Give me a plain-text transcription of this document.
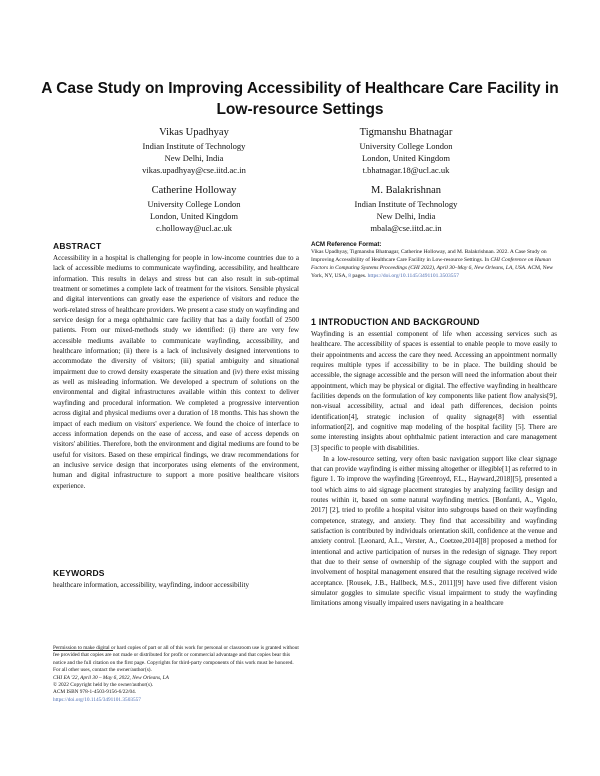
A Case Study on Improving Accessibility of Healthcare Care Facility in Low-resource Settings
Vikas Upadhyay
Indian Institute of Technology
New Delhi, India
vikas.upadhyay@cse.iitd.ac.in
Tigmanshu Bhatnagar
University College London
London, United Kingdom
t.bhatnagar.18@ucl.ac.uk
Catherine Holloway
University College London
London, United Kingdom
c.holloway@ucl.ac.uk
M. Balakrishnan
Indian Institute of Technology
New Delhi, India
mbala@cse.iitd.ac.in
ABSTRACT

Accessibility in a hospital is challenging for people in low-income countries due to a lack of accessible mediums to communicate wayfinding, accessibility, and healthcare information. This results in delays and stress but can also result in sub-optimal treatment or sometimes a complete lack of treatment for the visitors. Sensible physical and digital interventions can greatly ease the experience of visitors and reduce the work-related stress of healthcare providers. We present a case study on wayfinding and service design for a mega ophthalmic care facility that has a daily footfall of 2500 patients. From our mixed-methods study we identified: (i) there are very few accessible mediums available to communicate wayfinding, accessibility, and healthcare information; (ii) there is a lack of inclusively designed interventions to accommodate the diversity of visitors; (iii) spatial ambiguity and situational impairment due to crowd density exasperate the situation and (iv) there exist missing as well as misleading information. We developed a spectrum of solutions on the environmental and digital infrastructures available within this context to deliver wayfinding and procedural information. We completed a progressive intervention across digital and physical mediums over a duration of 18 months. This has shown the impact of each medium on visitors' experience. We found the choice of interface to access information depends on the ease of access, and ease of access depends on visitors' abilities. Therefore, both the environment and digital mediums are found to be useful for visitors. Based on these empirical findings, we draw recommendations for an inclusive service design that incorporates using elements of the environment, human and digital infrastructure to support a more positive healthcare visitors experience.

KEYWORDS

healthcare information, accessibility, wayfinding, indoor accessibility

Permission to make digital or hard copies of part or all of this work for personal or classroom use is granted without fee provided that copies are not made or distributed for profit or commercial advantage and that copies bear this notice and the full citation on the first page. Copyrights for third-party components of this work must be honored. For all other uses, contact the owner/author(s).

CHI EA '22, April 30 – May 6, 2022, New Orleans, LA

© 2022 Copyright held by the owner/author(s).

ACM ISBN 978-1-4503-9156-6/22/04.

https://doi.org/10.1145/3491101.3503557

ACM Reference Format:

Vikas Upadhyay, Tigmanshu Bhatnagar, Catherine Holloway, and M. Balakrishnan. 2022. A Case Study on Improving Accessibility of Healthcare Care Facility in Low-resource Settings. In CHI Conference on Human Factors in Computing Systems Proceedings (CHI 2022), April 30–May 6, New Orleans, LA, USA. ACM, New York, NY, USA, 8 pages. https://doi.org/10.1145/3491101.3503557

1 INTRODUCTION AND BACKGROUND

Wayfinding is an essential component of life when accessing services such as healthcare. The accessibility of spaces is essential to enable people to move easily to their appointments and access the care they need. Accessing an appointment normally requires multiple types if accessibility to be in place. The building should be accessible, the signage accessible and the person will need the information about their appointment, which may be physical or digital. The effective wayfinding in healthcare facilities depends on the formulation of key components like patient flow analysis[9], non-visual accessibility, actual and ideal path differences, decision points identification[4], strategic inclusion of quality signage[8] with essential information[2], and cognitive map modeling of the hospital facility [5]. There are some interesting insights about ophthalmic patient interaction and care management [3] specific to people with disabilities.

In a low-resource setting, very often basic navigation support like clear signage that can provide wayfinding is either missing altogether or illegible[1] as referred to in figure 1. To improve the wayfinding [Greenroyd, F.L., Hayward,2018][5], presented a tool which aims to aid signage placement strategies by analyzing facility design and routes within it, based on some natural wayfinding metrics. [Bonfanti, A., Vigolo, 2017] [2], tried to profile a hospital visitor into subgroups based on their wayfinding competence, strategy, and anxiety. They find that accessibility and wayfinding satisfaction is contributed by individuals orientation skill, confidence at the venue and anxiety control. [Leonard, A.L., Verster, A., Coetzee,2014][8] proposed a method for intentional and active participation of nurses in the redesign of signage. They report that due to their sense of ownership of the signage coupled with the support and involvement of hospital management ensured that the resulting signage received wide acceptance. [Rousek, J.B., Hallbeck, M.S., 2011][9] have used five different vision simulator goggles to simulate specific visual impairment to study the wayfinding limitations among visually impaired users navigating in a healthcare
